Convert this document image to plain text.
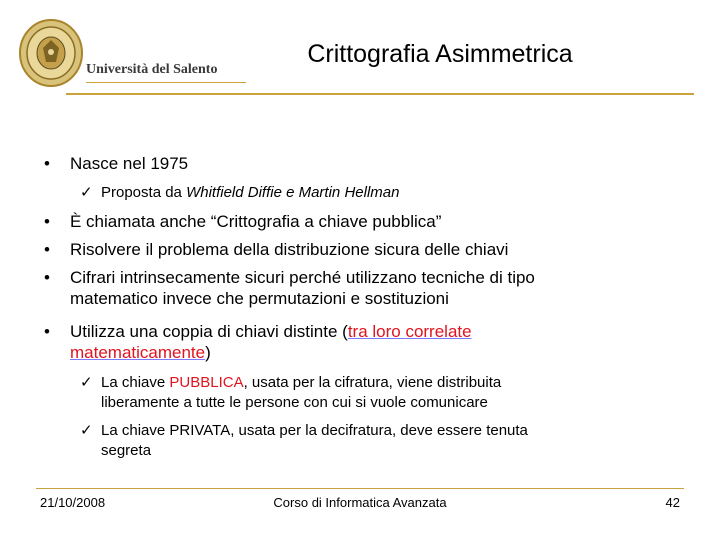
Università del Salento
Crittografia Asimmetrica
• Nasce nel 1975
✓ Proposta da Whitfield Diffie e Martin Hellman
• È chiamata anche “Crittografia a chiave pubblica”
• Risolvere il problema della distribuzione sicura delle chiavi
• Cifrari intrinsecamente sicuri perché utilizzano tecniche di tipo
matematico invece che permutazioni e sostituzioni
• Utilizza una coppia di chiavi distinte (tra loro correlate
matematicamente)
✓ La chiave PUBBLICA, usata per la cifratura, viene distribuita
liberamente a tutte le persone con cui si vuole comunicare
✓ La chiave PRIVATA, usata per la decifratura, deve essere tenuta
segreta
21/10/2008	Corso di Informatica Avanzata	42
